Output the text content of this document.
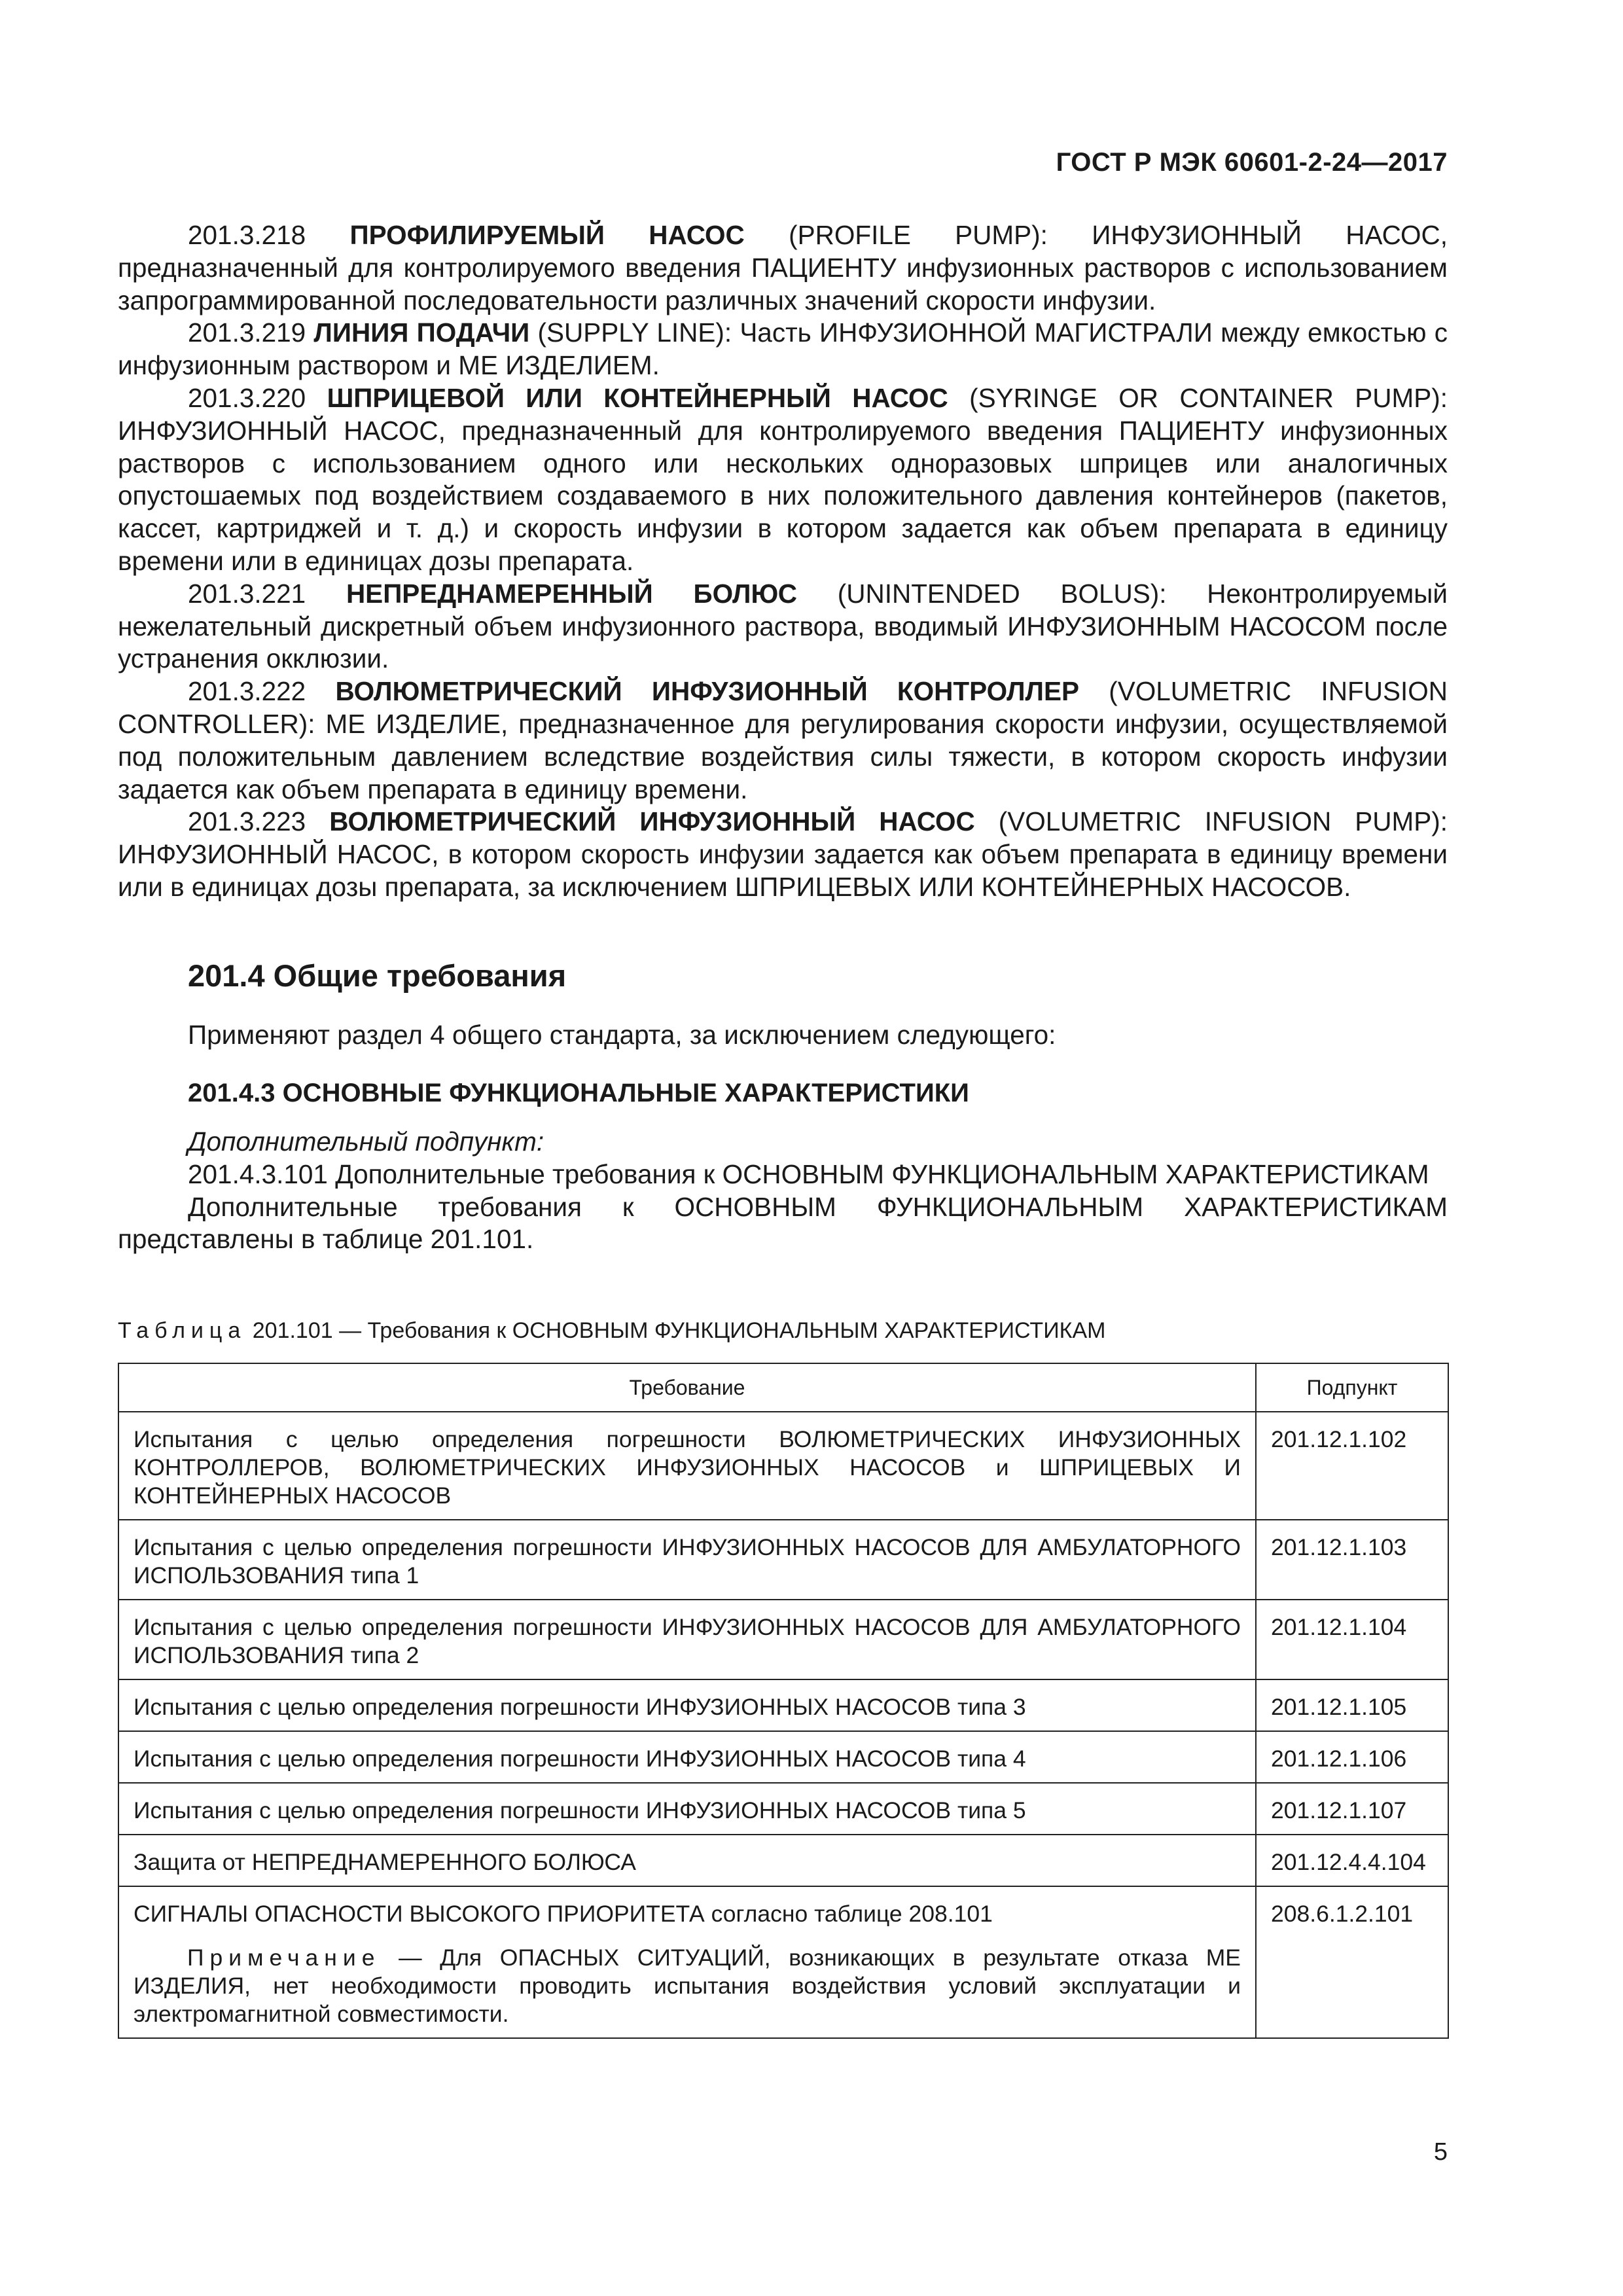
ГОСТ Р МЭК 60601-2-24—2017

201.3.218 ПРОФИЛИРУЕМЫЙ НАСОС (PROFILE PUMP): ИНФУЗИОННЫЙ НАСОС, предназначенный для контролируемого введения ПАЦИЕНТУ инфузионных растворов с использованием запрограммированной последовательности различных значений скорости инфузии.

201.3.219 ЛИНИЯ ПОДАЧИ (SUPPLY LINE): Часть ИНФУЗИОННОЙ МАГИСТРАЛИ между емкостью с инфузионным раствором и МЕ ИЗДЕЛИЕМ.

201.3.220 ШПРИЦЕВОЙ ИЛИ КОНТЕЙНЕРНЫЙ НАСОС (SYRINGE OR CONTAINER PUMP): ИНФУЗИОННЫЙ НАСОС, предназначенный для контролируемого введения ПАЦИЕНТУ инфузионных растворов с использованием одного или нескольких одноразовых шприцев или аналогичных опустошаемых под воздействием создаваемого в них положительного давления контейнеров (пакетов, кассет, картриджей и т. д.) и скорость инфузии в котором задается как объем препарата в единицу времени или в единицах дозы препарата.

201.3.221 НЕПРЕДНАМЕРЕННЫЙ БОЛЮС (UNINTENDED BOLUS): Неконтролируемый нежелательный дискретный объем инфузионного раствора, вводимый ИНФУЗИОННЫМ НАСОСОМ после устранения окклюзии.

201.3.222 ВОЛЮМЕТРИЧЕСКИЙ ИНФУЗИОННЫЙ КОНТРОЛЛЕР (VOLUMETRIC INFUSION CONTROLLER): МЕ ИЗДЕЛИЕ, предназначенное для регулирования скорости инфузии, осуществляемой под положительным давлением вследствие воздействия силы тяжести, в котором скорость инфузии задается как объем препарата в единицу времени.

201.3.223 ВОЛЮМЕТРИЧЕСКИЙ ИНФУЗИОННЫЙ НАСОС (VOLUMETRIC INFUSION PUMP): ИНФУЗИОННЫЙ НАСОС, в котором скорость инфузии задается как объем препарата в единицу времени или в единицах дозы препарата, за исключением ШПРИЦЕВЫХ ИЛИ КОНТЕЙНЕРНЫХ НАСОСОВ.

201.4 Общие требования
Применяют раздел 4 общего стандарта, за исключением следующего:
201.4.3 ОСНОВНЫЕ ФУНКЦИОНАЛЬНЫЕ ХАРАКТЕРИСТИКИ
Дополнительный подпункт:

201.4.3.101 Дополнительные требования к ОСНОВНЫМ ФУНКЦИОНАЛЬНЫМ ХАРАКТЕРИСТИКАМ

Дополнительные требования к ОСНОВНЫМ ФУНКЦИОНАЛЬНЫМ ХАРАКТЕРИСТИКАМ представлены в таблице 201.101.

Таблица 201.101 — Требования к ОСНОВНЫМ ФУНКЦИОНАЛЬНЫМ ХАРАКТЕРИСТИКАМ
Требование	Подпункт
Испытания с целью определения погрешности ВОЛЮМЕТРИЧЕСКИХ ИНФУЗИОННЫХ КОНТРОЛЛЕРОВ, ВОЛЮМЕТРИЧЕСКИХ ИНФУЗИОННЫХ НАСОСОВ и ШПРИЦЕВЫХ И КОНТЕЙНЕРНЫХ НАСОСОВ	201.12.1.102
Испытания с целью определения погрешности ИНФУЗИОННЫХ НАСОСОВ ДЛЯ АМБУЛАТОРНОГО ИСПОЛЬЗОВАНИЯ типа 1	201.12.1.103
Испытания с целью определения погрешности ИНФУЗИОННЫХ НАСОСОВ ДЛЯ АМБУЛАТОРНОГО ИСПОЛЬЗОВАНИЯ типа 2	201.12.1.104
Испытания с целью определения погрешности ИНФУЗИОННЫХ НАСОСОВ типа 3	201.12.1.105
Испытания с целью определения погрешности ИНФУЗИОННЫХ НАСОСОВ типа 4	201.12.1.106
Испытания с целью определения погрешности ИНФУЗИОННЫХ НАСОСОВ типа 5	201.12.1.107
Защита от НЕПРЕДНАМЕРЕННОГО БОЛЮСА	201.12.4.4.104

СИГНАЛЫ ОПАСНОСТИ ВЫСОКОГО ПРИОРИТЕТА согласно таблице 208.101
Примечание — Для ОПАСНЫХ СИТУАЦИЙ, возникающих в результате отказа МЕ ИЗДЕЛИЯ, нет необходимости проводить испытания воздействия условий эксплуатации и электромагнитной совместимости.	208.6.1.2.101
5
